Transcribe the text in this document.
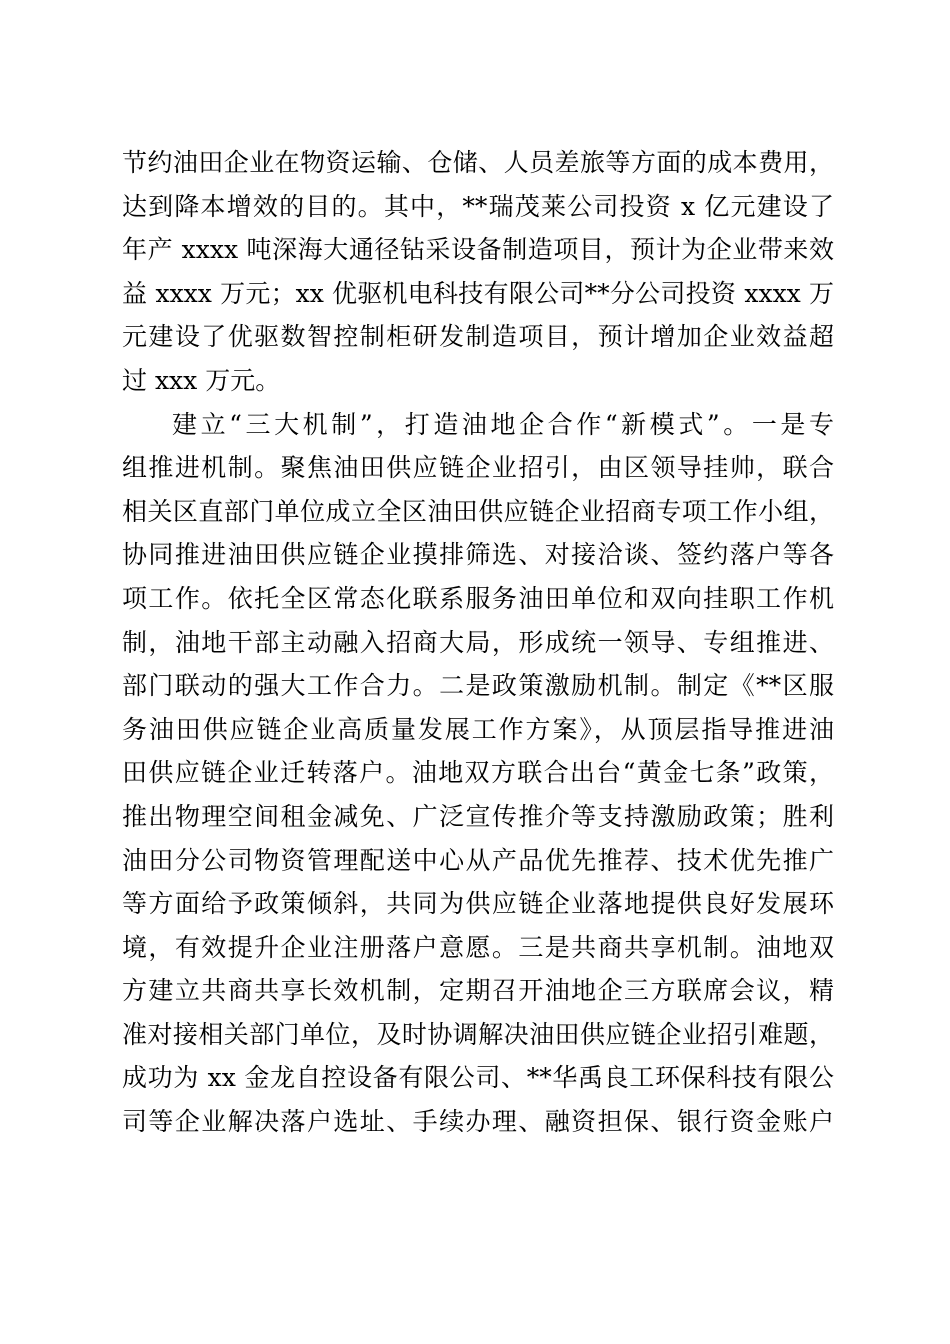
节约油田企业在物资运输、仓储、人员差旅等方面的成本费用，
达到降本增效的目的。其中，**瑞茂莱公司投资 x 亿元建设了
年产 xxxx 吨深海大通径钻采设备制造项目，预计为企业带来效
益 xxxx 万元；xx 优驱机电科技有限公司**分公司投资 xxxx 万
元建设了优驱数智控制柜研发制造项目，预计增加企业效益超
过 xxx 万元。
建立“三大机制”，打造油地企合作“新模式”。一是专
组推进机制。聚焦油田供应链企业招引，由区领导挂帅，联合
相关区直部门单位成立全区油田供应链企业招商专项工作小组，
协同推进油田供应链企业摸排筛选、对接洽谈、签约落户等各
项工作。依托全区常态化联系服务油田单位和双向挂职工作机
制，油地干部主动融入招商大局，形成统一领导、专组推进、
部门联动的强大工作合力。二是政策激励机制。制定《**区服
务油田供应链企业高质量发展工作方案》，从顶层指导推进油
田供应链企业迁转落户。油地双方联合出台“黄金七条”政策，
推出物理空间租金减免、广泛宣传推介等支持激励政策；胜利
油田分公司物资管理配送中心从产品优先推荐、技术优先推广
等方面给予政策倾斜，共同为供应链企业落地提供良好发展环
境，有效提升企业注册落户意愿。三是共商共享机制。油地双
方建立共商共享长效机制，定期召开油地企三方联席会议，精
准对接相关部门单位，及时协调解决油田供应链企业招引难题，
成功为 xx 金龙自控设备有限公司、**华禹良工环保科技有限公
司等企业解决落户选址、手续办理、融资担保、银行资金账户
